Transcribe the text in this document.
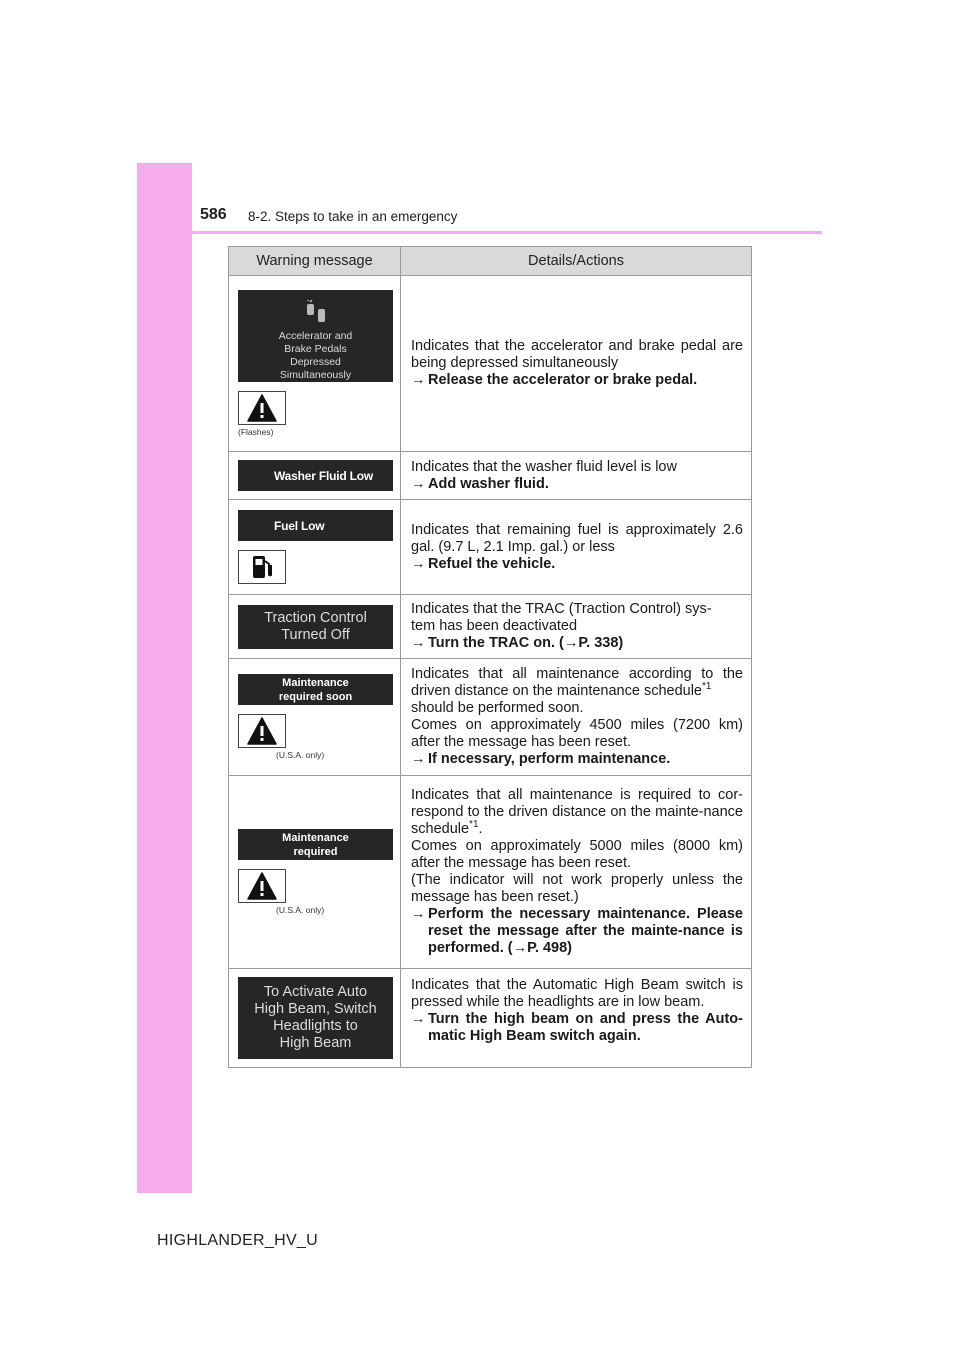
586 8-2. Steps to take in an emergency
Warning message	Details/Actions
Accelerator and
Brake Pedals
Depressed
Simultaneously
(Flashes)

Indicates that the accelerator and brake pedal are being depressed simultaneously

→ Release the accelerator or brake pedal.
Washer Fluid Low

Indicates that the washer fluid level is low

→ Add washer fluid.
Fuel Low	Indicates that remaining fuel is approximately 2.6 gal. (9.7 L, 2.1 Imp. gal.) or less

→ Refuel the vehicle.
Traction Control
Turned Off

Indicates that the TRAC (Traction Control) sys-
tem has been deactivated

→ Turn the TRAC on. (→P. 338)
Maintenance
required soon
(U.S.A. only)

Indicates that all maintenance according to the driven distance on the maintenance schedule$^{*1}$

should be performed soon.

Comes on approximately 4500 miles (7200 km) after the message has been reset.

→ If necessary, perform maintenance.
Maintenance
required
(U.S.A. only)

Indicates that all maintenance is required to cor-respond to the driven distance on the mainte-nance schedule$^{*1}$.

Comes on approximately 5000 miles (8000 km) after the message has been reset.

(The indicator will not work properly unless the message has been reset.)

→ Perform the necessary maintenance. Please reset the message after the mainte-nance is performed. (→P. 498)
To Activate Auto
High Beam, Switch
Headlights to
High Beam

Indicates that the Automatic High Beam switch is pressed while the headlights are in low beam.

→ Turn the high beam on and press the Auto-matic High Beam switch again.
HIGHLANDER_HV_U
